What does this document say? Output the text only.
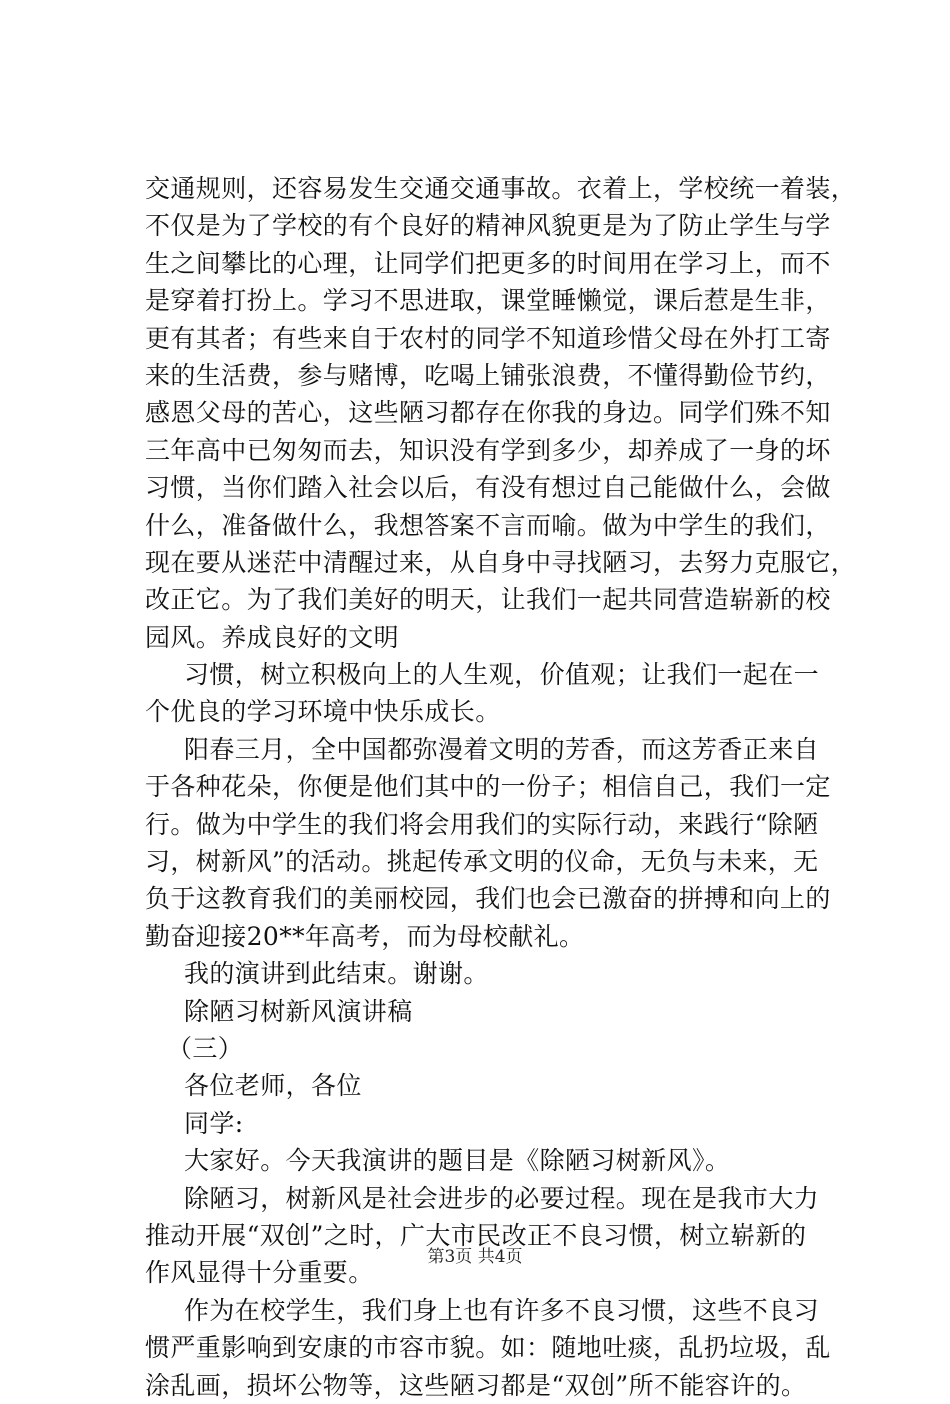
交通规则，还容易发生交通交通事故。衣着上，学校统一着装，
不仅是为了学校的有个良好的精神风貌更是为了防止学生与学
生之间攀比的心理，让同学们把更多的时间用在学习上，而不
是穿着打扮上。学习不思进取，课堂睡懒觉，课后惹是生非，
更有其者；有些来自于农村的同学不知道珍惜父母在外打工寄
来的生活费，参与赌博，吃喝上铺张浪费，不懂得勤俭节约，
感恩父母的苦心，这些陋习都存在你我的身边。同学们殊不知
三年高中已匆匆而去，知识没有学到多少，却养成了一身的坏
习惯，当你们踏入社会以后，有没有想过自己能做什么，会做
什么，准备做什么，我想答案不言而喻。做为中学生的我们，
现在要从迷茫中清醒过来，从自身中寻找陋习，去努力克服它，
改正它。为了我们美好的明天，让我们一起共同营造崭新的校
园风。养成良好的文明
习惯，树立积极向上的人生观，价值观；让我们一起在一
个优良的学习环境中快乐成长。
阳春三月，全中国都弥漫着文明的芳香，而这芳香正来自
于各种花朵，你便是他们其中的一份子；相信自己，我们一定
行。做为中学生的我们将会用我们的实际行动，来践行“除陋
习，树新风”的活动。挑起传承文明的仪命，无负与未来，无
负于这教育我们的美丽校园，我们也会已激奋的拼搏和向上的
勤奋迎接20**年高考，而为母校献礼。
我的演讲到此结束。谢谢。
除陋习树新风演讲稿
（三）
各位老师，各位
同学:
大家好。今天我演讲的题目是《除陋习树新风》。
除陋习，树新风是社会进步的必要过程。现在是我市大力
推动开展“双创”之时，广大市民改正不良习惯，树立崭新的
作风显得十分重要。
作为在校学生，我们身上也有许多不良习惯，这些不良习
惯严重影响到安康的市容市貌。如：随地吐痰，乱扔垃圾，乱
涂乱画，损坏公物等，这些陋习都是“双创”所不能容许的。
第3页 共4页
